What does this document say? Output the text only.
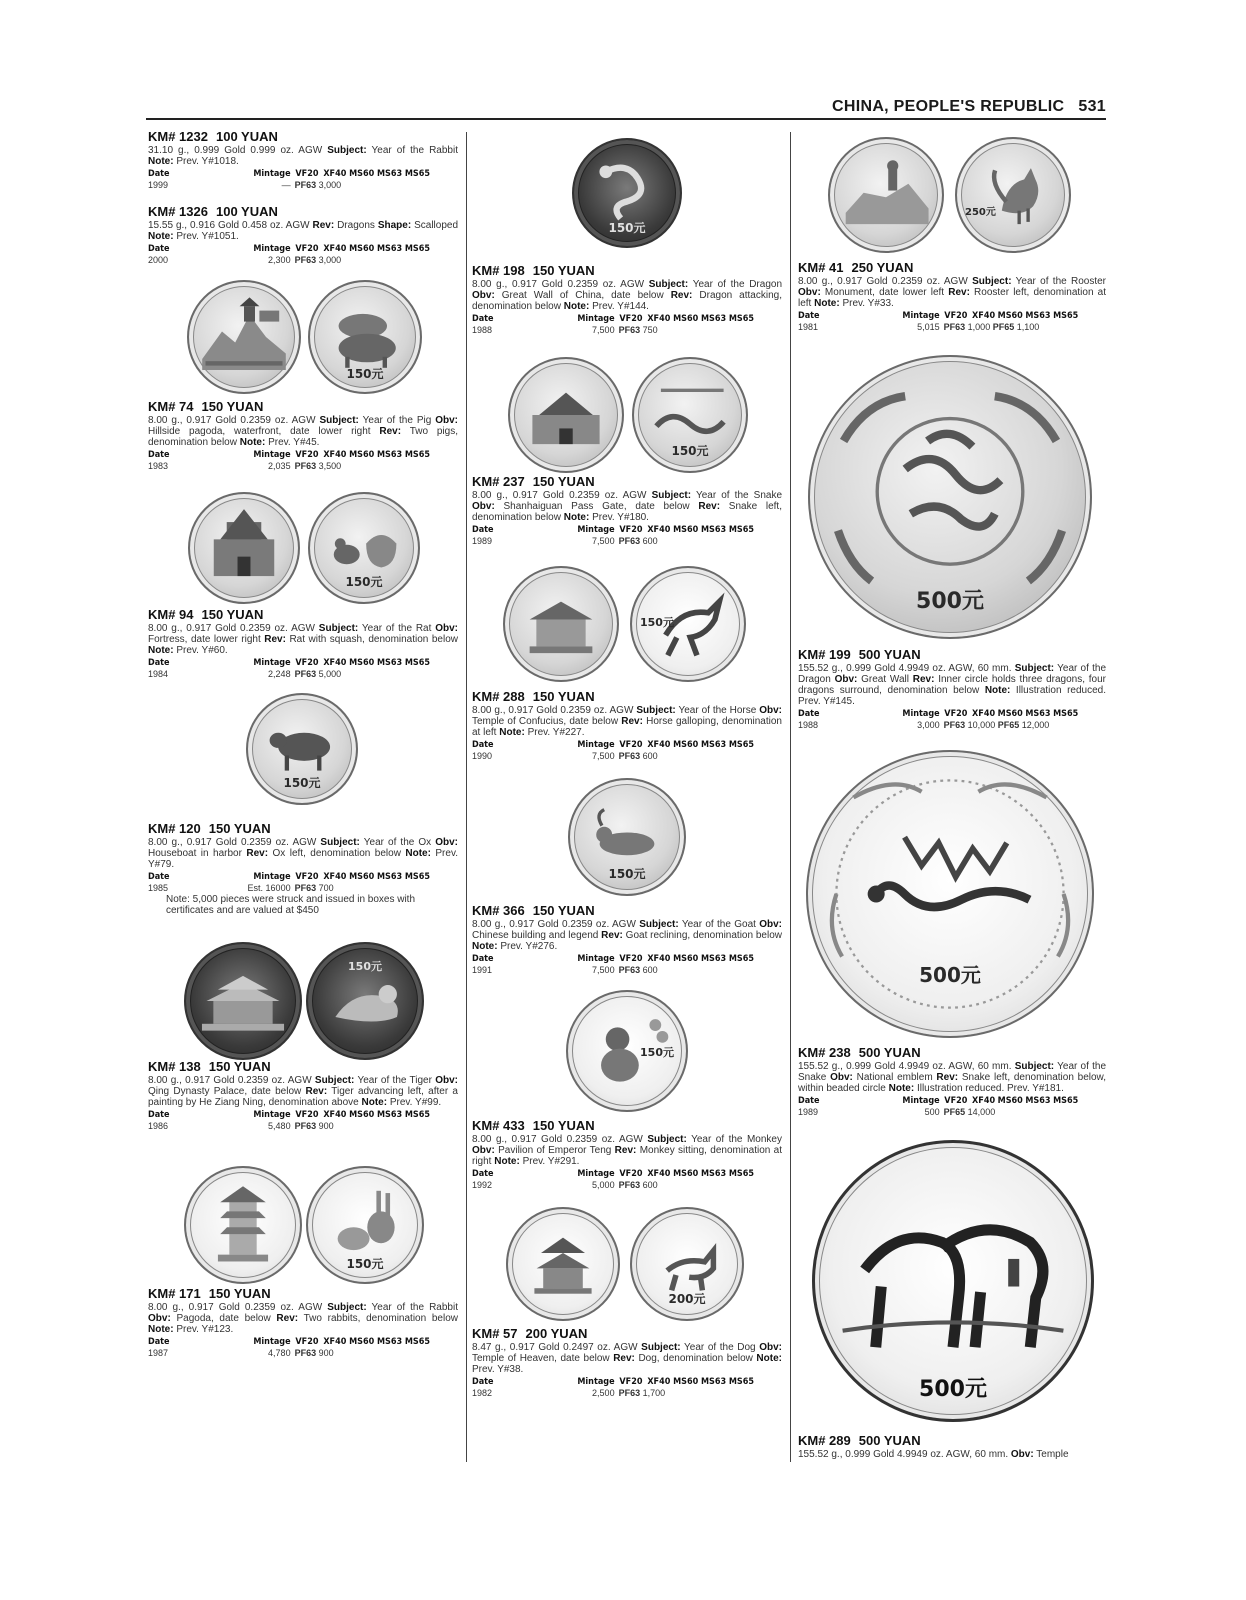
CHINA, PEOPLE'S REPUBLIC 531
KM# 1232 100 YUAN
31.10 g., 0.999 Gold 0.999 oz. AGW Subject: Year of the Rabbit Note: Prev. Y#1018.
Date	Mintage VF20 XF40 MS60 MS63 MS65
1999	— PF63 3,000
KM# 1326 100 YUAN
15.55 g., 0.916 Gold 0.458 oz. AGW Rev: Dragons Shape: Scalloped Note: Prev. Y#1051.
Date	Mintage VF20 XF40 MS60 MS63 MS65
2000	2,300 PF63 3,000
150元
KM# 74 150 YUAN
8.00 g., 0.917 Gold 0.2359 oz. AGW Subject: Year of the Pig Obv: Hillside pagoda, waterfront, date lower right Rev: Two pigs, denomination below Note: Prev. Y#45.
Date	Mintage VF20 XF40 MS60 MS63 MS65
1983	2,035 PF63 3,500
150元
KM# 94 150 YUAN
8.00 g., 0.917 Gold 0.2359 oz. AGW Subject: Year of the Rat Obv: Fortress, date lower right Rev: Rat with squash, denomination below Note: Prev. Y#60.
Date	Mintage VF20 XF40 MS60 MS63 MS65
1984	2,248 PF63 5,000
150元
KM# 120 150 YUAN
8.00 g., 0.917 Gold 0.2359 oz. AGW Subject: Year of the Ox Obv: Houseboat in harbor Rev: Ox left, denomination below Note: Prev. Y#79.
Date	Mintage VF20 XF40 MS60 MS63 MS65
1985	Est. 16000 PF63 700
Note: 5,000 pieces were struck and issued in boxes with certificates and are valued at $450
150元
KM# 138 150 YUAN
8.00 g., 0.917 Gold 0.2359 oz. AGW Subject: Year of the Tiger Obv: Qing Dynasty Palace, date below Rev: Tiger advancing left, after a painting by He Ziang Ning, denomination above Note: Prev. Y#99.
Date	Mintage VF20 XF40 MS60 MS63 MS65
1986	5,480 PF63 900
150元
KM# 171 150 YUAN
8.00 g., 0.917 Gold 0.2359 oz. AGW Subject: Year of the Rabbit Obv: Pagoda, date below Rev: Two rabbits, denomination below Note: Prev. Y#123.
Date	Mintage VF20 XF40 MS60 MS63 MS65
1987	4,780 PF63 900
150元
KM# 198 150 YUAN
8.00 g., 0.917 Gold 0.2359 oz. AGW Subject: Year of the Dragon Obv: Great Wall of China, date below Rev: Dragon attacking, denomination below Note: Prev. Y#144.
Date	Mintage VF20 XF40 MS60 MS63 MS65
1988	7,500 PF63 750
150元
KM# 237 150 YUAN
8.00 g., 0.917 Gold 0.2359 oz. AGW Subject: Year of the Snake Obv: Shanhaiguan Pass Gate, date below Rev: Snake left, denomination below Note: Prev. Y#180.
Date	Mintage VF20 XF40 MS60 MS63 MS65
1989	7,500 PF63 600
150元
KM# 288 150 YUAN
8.00 g., 0.917 Gold 0.2359 oz. AGW Subject: Year of the Horse Obv: Temple of Confucius, date below Rev: Horse galloping, denomination at left Note: Prev. Y#227.
Date	Mintage VF20 XF40 MS60 MS63 MS65
1990	7,500 PF63 600
150元
KM# 366 150 YUAN
8.00 g., 0.917 Gold 0.2359 oz. AGW Subject: Year of the Goat Obv: Chinese building and legend Rev: Goat reclining, denomination below Note: Prev. Y#276.
Date	Mintage VF20 XF40 MS60 MS63 MS65
1991	7,500 PF63 600
150元
KM# 433 150 YUAN
8.00 g., 0.917 Gold 0.2359 oz. AGW Subject: Year of the Monkey Obv: Pavilion of Emperor Teng Rev: Monkey sitting, denomination at right Note: Prev. Y#291.
Date	Mintage VF20 XF40 MS60 MS63 MS65
1992	5,000 PF63 600
200元
KM# 57 200 YUAN
8.47 g., 0.917 Gold 0.2497 oz. AGW Subject: Year of the Dog Obv: Temple of Heaven, date below Rev: Dog, denomination below Note: Prev. Y#38.
Date	Mintage VF20 XF40 MS60 MS63 MS65
1982	2,500 PF63 1,700
250元
KM# 41 250 YUAN
8.00 g., 0.917 Gold 0.2359 oz. AGW Subject: Year of the Rooster Obv: Monument, date lower left Rev: Rooster left, denomination at left Note: Prev. Y#33.
Date	Mintage VF20 XF40 MS60 MS63 MS65
1981	5,015 PF63 1,000 PF65 1,100
500元
KM# 199 500 YUAN
155.52 g., 0.999 Gold 4.9949 oz. AGW, 60 mm. Subject: Year of the Dragon Obv: Great Wall Rev: Inner circle holds three dragons, four dragons surround, denomination below Note: Illustration reduced. Prev. Y#145.
Date	Mintage VF20 XF40 MS60 MS63 MS65
1988	3,000 PF63 10,000 PF65 12,000
500元
KM# 238 500 YUAN
155.52 g., 0.999 Gold 4.9949 oz. AGW, 60 mm. Subject: Year of the Snake Obv: National emblem Rev: Snake left, denomination below, within beaded circle Note: Illustration reduced. Prev. Y#181.
Date	Mintage VF20 XF40 MS60 MS63 MS65
1989	500 PF65 14,000
500元
KM# 289 500 YUAN
155.52 g., 0.999 Gold 4.9949 oz. AGW, 60 mm. Obv: Temple
